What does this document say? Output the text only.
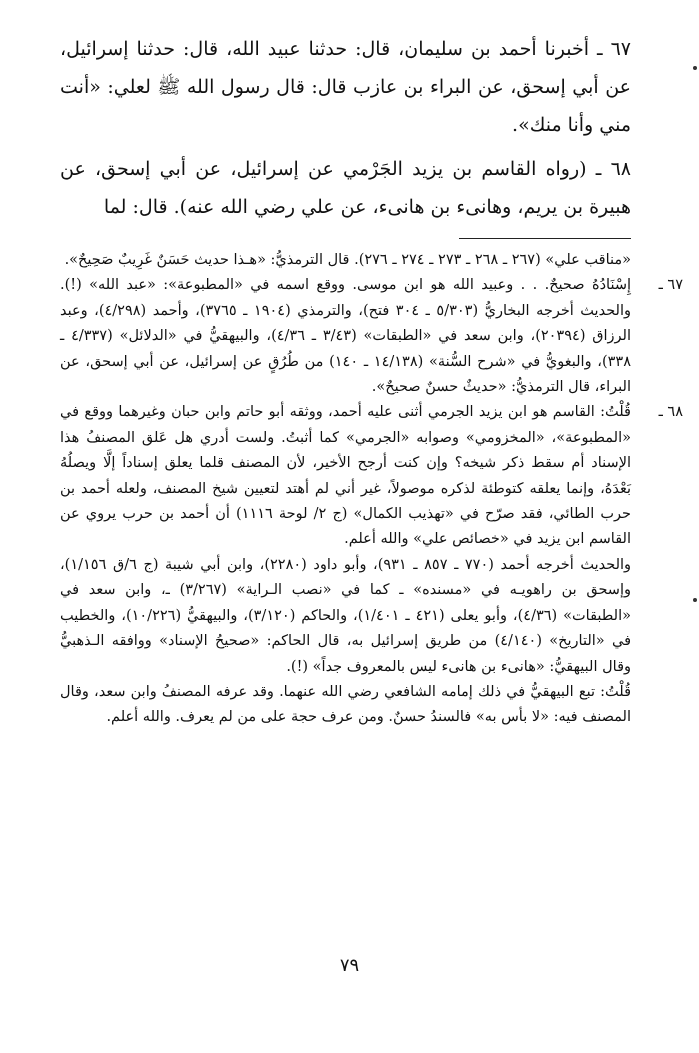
٦٧ ـ أخبرنا أحمد بن سليمان، قال: حدثنا عبيد الله، قال: حدثنا إسرائيل، عن أبي إسحق، عن البراء بن عازب قال: قال رسول الله ﷺ لعلي: «أنت مني وأنا منك».

٦٨ ـ (رواه القاسم بن يزيد الجَرْمي عن إسرائيل، عن أبي إسحق، عن هبيرة بن يريم، وهانىء بن هانىء، عن علي رضي الله عنه). قال: لما

«مناقب علي» (٢٦٧ ـ ٢٦٨ ـ ٢٧٣ ـ ٢٧٤ ـ ٢٧٦). قال الترمذيُّ: «هـذا حديث حَسَنٌ غَرِيبٌ صَحِيحٌ».

٦٧ ـ
إِسْنَادُهُ صحيحٌ. . . وعبيد الله هو ابن موسى. ووقع اسمه في «المطبوعة»: «عبد الله» (!). والحديث أخرجه البخاريُّ (٥/٣٠٣ ـ ٣٠٤ فتح)، والترمذي (١٩٠٤ ـ ٣٧٦٥)، وأحمد (٤/٢٩٨)، وعبد الرزاق (٢٠٣٩٤)، وابن سعد في «الطبقات» (٣/٤٣ ـ ٤/٣٦)، والبيهقيُّ في «الدلائل» (٤/٣٣٧ ـ ٣٣٨)، والبغويُّ في «شرح السُّنة» (١٤/١٣٨ ـ ١٤٠) من طُرُقٍ عن إسرائيل، عن أبي إسحق، عن البراء، قال الترمذيُّ: «حديثٌ حسنٌ صحيحٌ».

٦٨ ـ
قُلْتُ: القاسم هو ابن يزيد الجرمي أثنى عليه أحمد، ووثقه أبو حاتم وابن حبان وغيرهما ووقع في «المطبوعة»، «المخزومي» وصوابه «الجرمي» كما أثبتُ. ولست أدري هل عَلق المصنفُ هذا الإسناد أم سقط ذكر شيخه؟ وإن كنت أرجح الأخير، لأن المصنف قلما يعلق إسناداً إلَّا ويصلُهُ بَعْدَهُ، وإنما يعلقه كتوطئة لذكره موصولاً، غير أني لم أهتد لتعيين شيخ المصنف، ولعله أحمد بن حرب الطائي، فقد صرّح في «تهذيب الكمال» (ج ٢/ لوحة ١١١٦) أن أحمد بن حرب يروي عن القاسم ابن يزيد في «خصائص علي» والله أعلم.

والحديث أخرجه أحمد (٧٧٠ ـ ٨٥٧ ـ ٩٣١)، وأبو داود (٢٢٨٠)، وابن أبي شيبة (ج ٦/ق ١/١٥٦)، وإسحق بن راهويـه في «مسنده» ـ كما في «نصب الـراية» (٣/٢٦٧) ـ، وابن سعد في «الطبقات» (٤/٣٦)، وأبو يعلى (٤٢١ ـ ١/٤٠١)، والحاكم (٣/١٢٠)، والبيهقيُّ (١٠/٢٢٦)، والخطيب في «التاريخ» (٤/١٤٠) من طريق إسرائيل به، قال الحاكم: «صحيحُ الإسناد» ووافقه الـذهبيُّ وقال البيهقيُّ: «هانىء بن هانىء ليس بالمعروف جداً» (!).

قُلْتُ: تبع البيهقيُّ في ذلك إمامه الشافعي رضي الله عنهما. وقد عرفه المصنفُ وابن سعد، وقال المصنف فيه: «لا بأس به» فالسندُ حسنٌ. ومن عرف حجة على من لم يعرف. والله أعلم.

٧٩
